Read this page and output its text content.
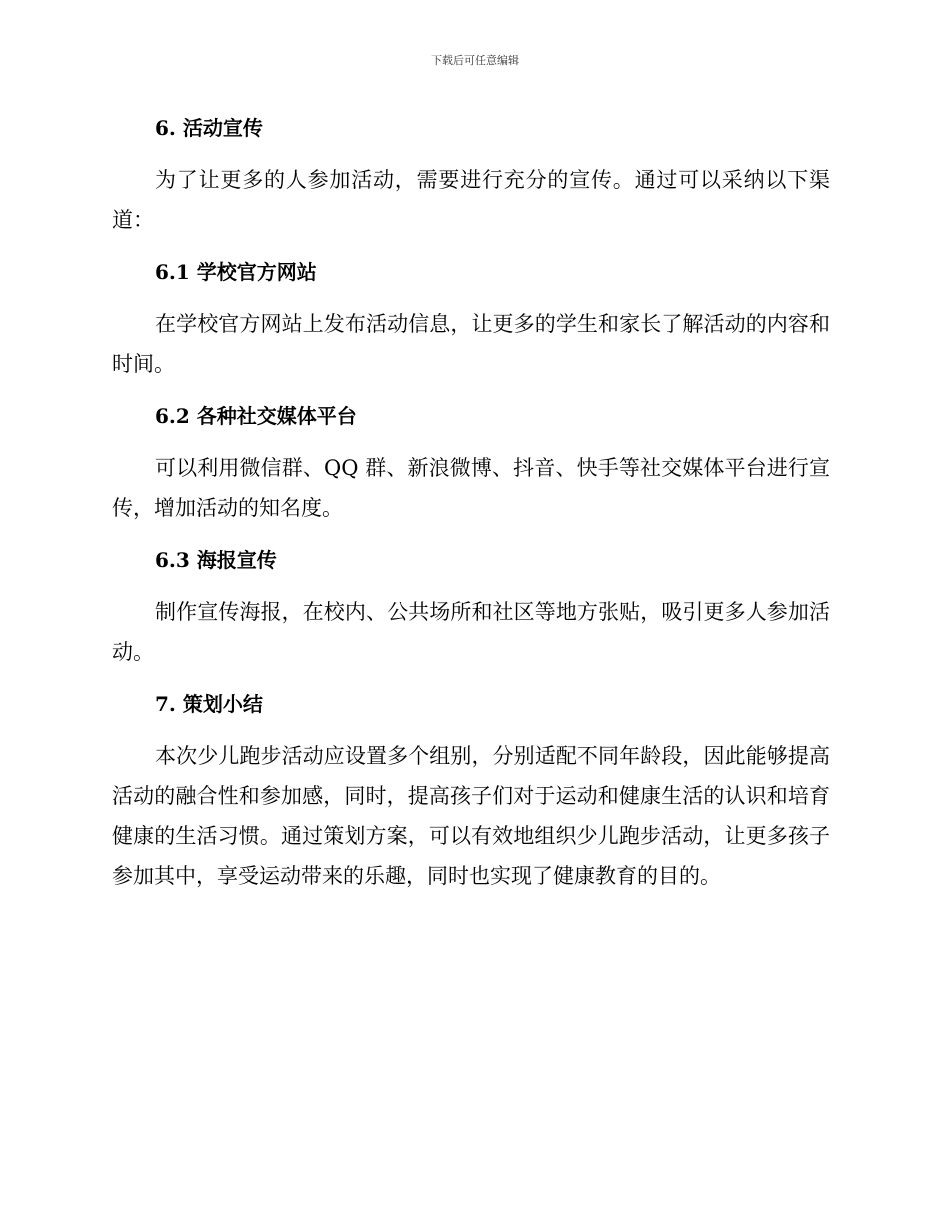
下载后可任意编辑
6. 活动宣传

为了让更多的人参加活动，需要进行充分的宣传。通过可以采纳以下渠道：

6.1 学校官方网站

在学校官方网站上发布活动信息，让更多的学生和家长了解活动的内容和时间。

6.2 各种社交媒体平台

可以利用微信群、QQ 群、新浪微博、抖音、快手等社交媒体平台进行宣传，增加活动的知名度。

6.3 海报宣传

制作宣传海报，在校内、公共场所和社区等地方张贴，吸引更多人参加活动。

7. 策划小结

本次少儿跑步活动应设置多个组别，分别适配不同年龄段，因此能够提高活动的融合性和参加感，同时，提高孩子们对于运动和健康生活的认识和培育健康的生活习惯。通过策划方案，可以有效地组织少儿跑步活动，让更多孩子参加其中，享受运动带来的乐趣，同时也实现了健康教育的目的。
